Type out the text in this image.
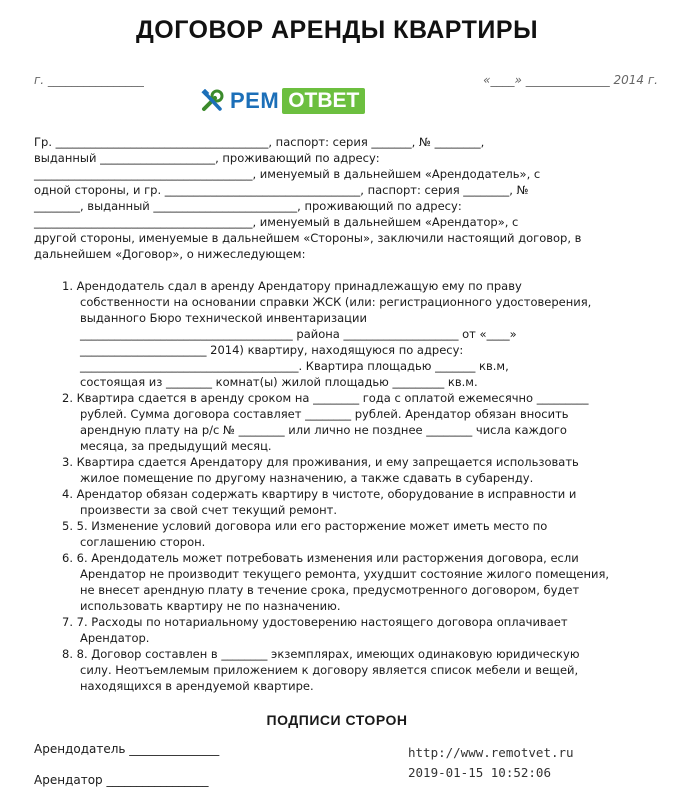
ДОГОВОР АРЕНДЫ КВАРТИРЫ
г. ________________	«____» ______________ 2014 г.
РЕМ ОТВЕТ
Гр. _____________________________________, паспорт: серия _______, № ________,
выданный ____________________, проживающий по адресу:
______________________________________, именуемый в дальнейшем «Арендодатель», с
одной стороны, и гр. __________________________________, паспорт: серия ________, №
________, выданный _________________________, проживающий по адресу:
______________________________________, именуемый в дальнейшем «Арендатор», с
другой стороны, именуемые в дальнейшем «Стороны», заключили настоящий договор, в
дальнейшем «Договор», о нижеследующем:
1. Арендодатель сдал в аренду Арендатору принадлежащую ему по праву
собственности на основании справки ЖСК (или: регистрационного удостоверения,
выданного Бюро технической инвентаризации
_____________________________________ района ____________________ от «____»
______________________ 2014) квартиру, находящуюся по адресу:
______________________________________. Квартира площадью _______ кв.м,
состоящая из ________ комнат(ы) жилой площадью _________ кв.м.
2. Квартира сдается в аренду сроком на ________ года с оплатой ежемесячно _________
рублей. Сумма договора составляет ________ рублей. Арендатор обязан вносить
арендную плату на р/с № ________ или лично не позднее ________ числа каждого
месяца, за предыдущий месяц.
3. Квартира сдается Арендатору для проживания, и ему запрещается использовать
жилое помещение по другому назначению, а также сдавать в субаренду.
4. Арендатор обязан содержать квартиру в чистоте, оборудование в исправности и
произвести за свой счет текущий ремонт.
5. 5. Изменение условий договора или его расторжение может иметь место по
соглашению сторон.
6. 6. Арендодатель может потребовать изменения или расторжения договора, если
Арендатор не производит текущего ремонта, ухудшит состояние жилого помещения,
не внесет арендную плату в течение срока, предусмотренного договором, будет
использовать квартиру не по назначению.
7. 7. Расходы по нотариальному удостоверению настоящего договора оплачивает
Арендатор.
8. 8. Договор составлен в ________ экземплярах, имеющих одинаковую юридическую
силу. Неотъемлемым приложением к договору является список мебели и вещей,
находящихся в арендуемой квартире.
ПОДПИСИ СТОРОН
Арендодатель _______________
Арендатор _________________
http://www.remotvet.ru
2019-01-15 10:52:06
